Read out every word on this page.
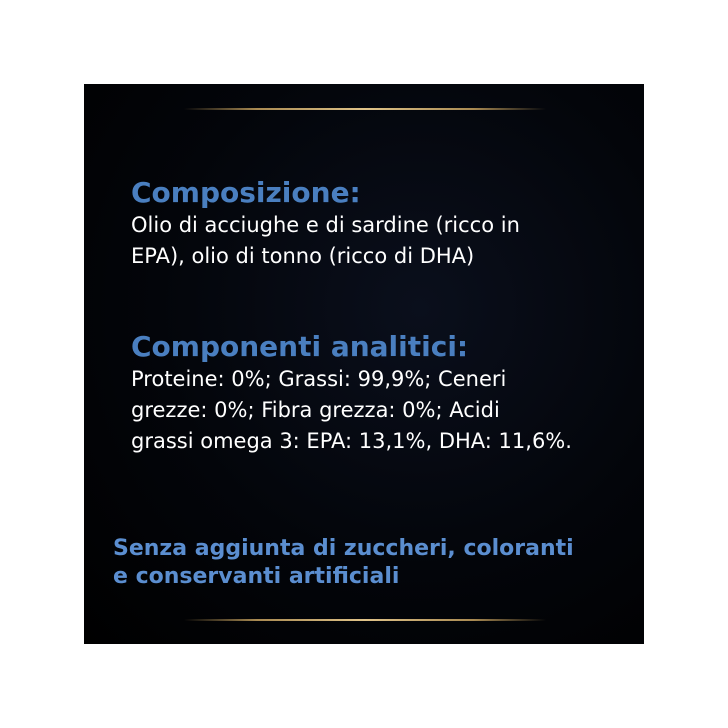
Composizione:

Olio di acciughe e di sardine (ricco in
EPA), olio di tonno (ricco di DHA)

Componenti analitici:

Proteine: 0%; Grassi: 99,9%; Ceneri
grezze: 0%; Fibra grezza: 0%; Acidi
grassi omega 3: EPA: 13,1%, DHA: 11,6%.

Senza aggiunta di zuccheri, coloranti
e conservanti artificiali
